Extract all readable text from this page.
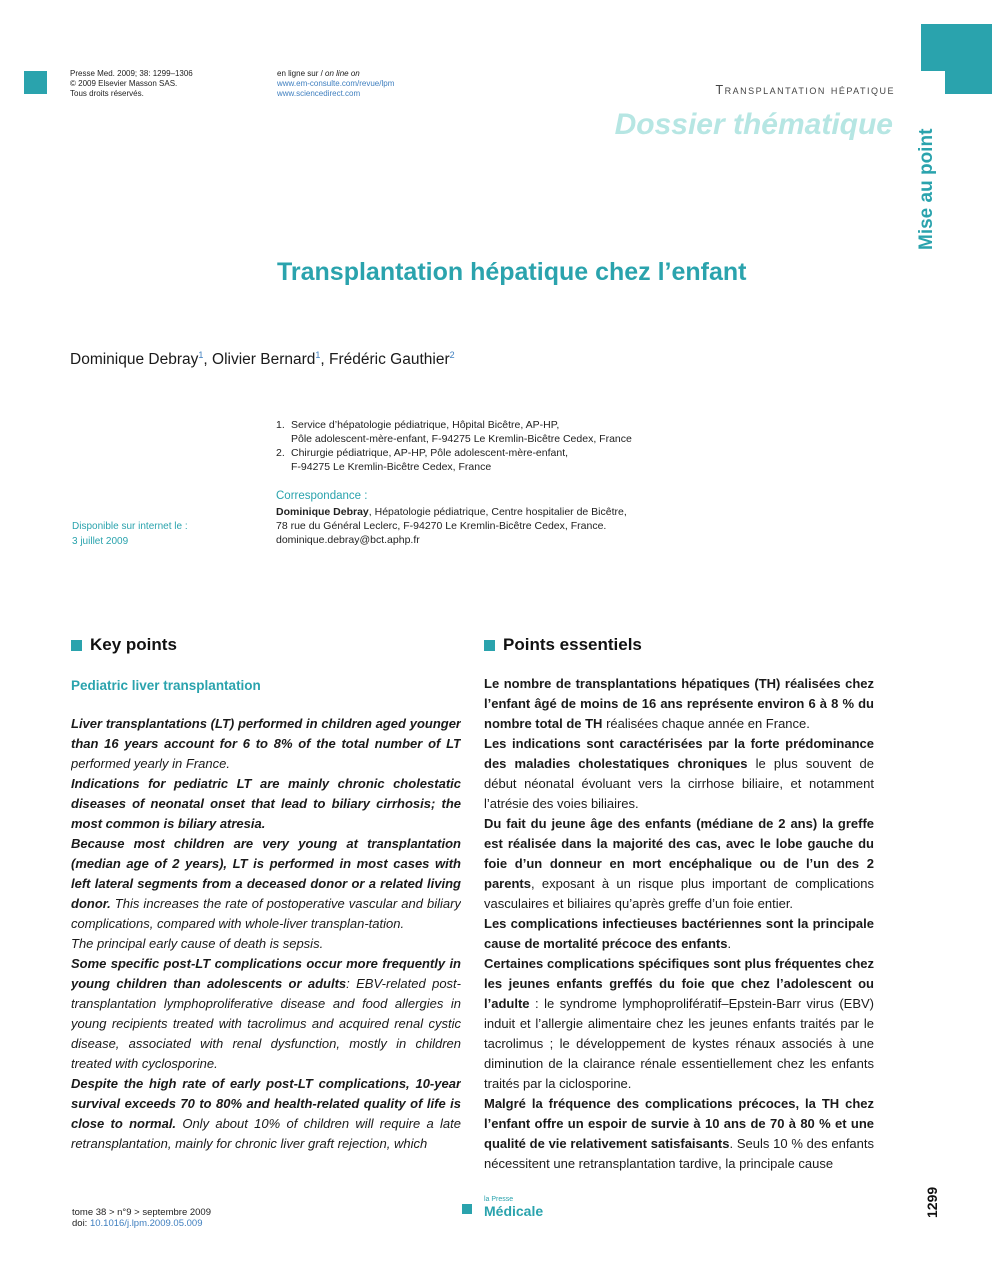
Presse Med. 2009; 38: 1299–1306
© 2009 Elsevier Masson SAS.
Tous droits réservés.
en ligne sur / on line on
www.em-consulte.com/revue/lpm
www.sciencedirect.com	Transplantation hépatique
Dossier thématique
Mise au point
Transplantation hépatique chez l’enfant
Dominique Debray$^1$, Olivier Bernard$^1$, Frédéric Gauthier$^2$
1. Service d’hépatologie pédiatrique, Hôpital Bicêtre, AP-HP,
Pôle adolescent-mère-enfant, F-94275 Le Kremlin-Bicêtre Cedex, France
2. Chirurgie pédiatrique, AP-HP, Pôle adolescent-mère-enfant,
F-94275 Le Kremlin-Bicêtre Cedex, France
Correspondance :
Dominique Debray, Hépatologie pédiatrique, Centre hospitalier de Bicêtre,
78 rue du Général Leclerc, F-94270 Le Kremlin-Bicêtre Cedex, France.
dominique.debray@bct.aphp.fr
Disponible sur internet le :
3 juillet 2009
Key points	Points essentiels
Pediatric liver transplantation

Liver transplantations (LT) performed in children aged younger than 16 years account for 6 to 8% of the total number of LT performed yearly in France.

Indications for pediatric LT are mainly chronic cholestatic diseases of neonatal onset that lead to biliary cirrhosis; the most common is biliary atresia.

Because most children are very young at transplantation (median age of 2 years), LT is performed in most cases with left lateral segments from a deceased donor or a related living donor. This increases the rate of postoperative vascular and biliary complications, compared with whole-liver transplan-tation.

The principal early cause of death is sepsis.

Some specific post-LT complications occur more frequently in young children than adolescents or adults: EBV-related post-transplantation lymphoproliferative disease and food allergies in young recipients treated with tacrolimus and acquired renal cystic disease, associated with renal dysfunction, mostly in children treated with cyclosporine.

Despite the high rate of early post-LT complications, 10-year survival exceeds 70 to 80% and health-related quality of life is close to normal. Only about 10% of children will require a late retransplantation, mainly for chronic liver graft rejection, which

Le nombre de transplantations hépatiques (TH) réalisées chez l’enfant âgé de moins de 16 ans représente environ 6 à 8 % du nombre total de TH réalisées chaque année en France.

Les indications sont caractérisées par la forte prédominance des maladies cholestatiques chroniques le plus souvent de début néonatal évoluant vers la cirrhose biliaire, et notamment l’atrésie des voies biliaires.

Du fait du jeune âge des enfants (médiane de 2 ans) la greffe est réalisée dans la majorité des cas, avec le lobe gauche du foie d’un donneur en mort encéphalique ou de l’un des 2 parents, exposant à un risque plus important de complications vasculaires et biliaires qu’après greffe d’un foie entier.

Les complications infectieuses bactériennes sont la principale cause de mortalité précoce des enfants.

Certaines complications spécifiques sont plus fréquentes chez les jeunes enfants greffés du foie que chez l’adolescent ou l’adulte : le syndrome lymphoprolifératif–Epstein-Barr virus (EBV) induit et l’allergie alimentaire chez les jeunes enfants traités par le tacrolimus ; le développement de kystes rénaux associés à une diminution de la clairance rénale essentiellement chez les enfants traités par la ciclosporine.

Malgré la fréquence des complications précoces, la TH chez l’enfant offre un espoir de survie à 10 ans de 70 à 80 % et une qualité de vie relativement satisfaisants. Seuls 10 % des enfants nécessitent une retransplantation tardive, la principale cause

tome 38 > n°9 > septembre 2009
doi: 10.1016/j.lpm.2009.05.009
la Presse
Médicale	1299
